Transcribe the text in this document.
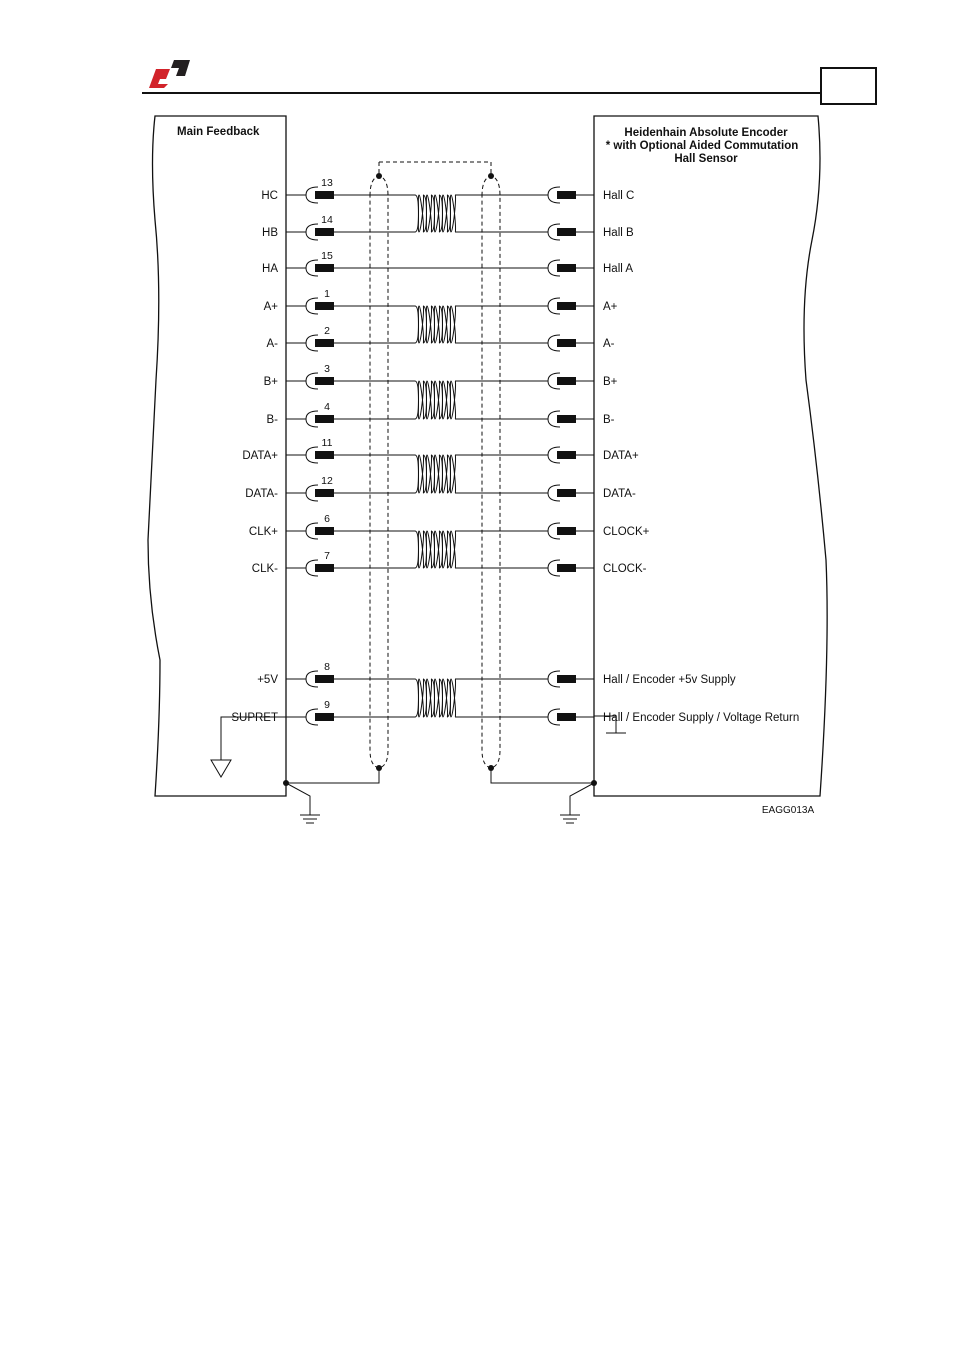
Main Feedback	Heidenhain Absolute Encoder
* with Optional Aided Commutation
Hall Sensor
HC
13
Hall C
HB
14
Hall B
HA
15
Hall A
A+
1
A+
A-
2
A-
B+
3
B+
B-
4
B-
DATA+
11
DATA+
DATA-
12
DATA-
CLK+
6
CLOCK+
CLK-
7
CLOCK-
+5V
8
Hall / Encoder +5v Supply
SUPRET
9
Hall / Encoder Supply / Voltage Return
EAGG013A
